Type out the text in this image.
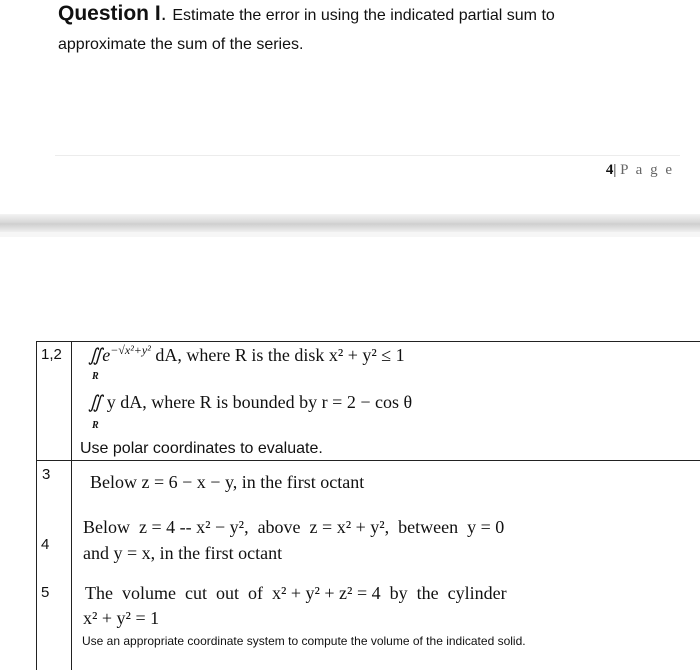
Question I. Estimate the error in using the indicated partial sum to
approximate the sum of the series.
4| P a g e
1,2 $∬e^{-√x^2+y^2}$ dA, where R is the disk x² + y² ≤ 1
R
∬ y dA, where R is bounded by r = 2 − cos θ
R
Use polar coordinates to evaluate.
3 Below z = 6 − x − y, in the first octant
4
Below  z = 4 -- x² − y²,  above  z = x² + y²,  between  y = 0
and y = x, in the first octant
5 The  volume  cut  out  of  x² + y² + z² = 4  by  the  cylinder
x² + y² = 1
Use an appropriate coordinate system to compute the volume of the indicated solid.
